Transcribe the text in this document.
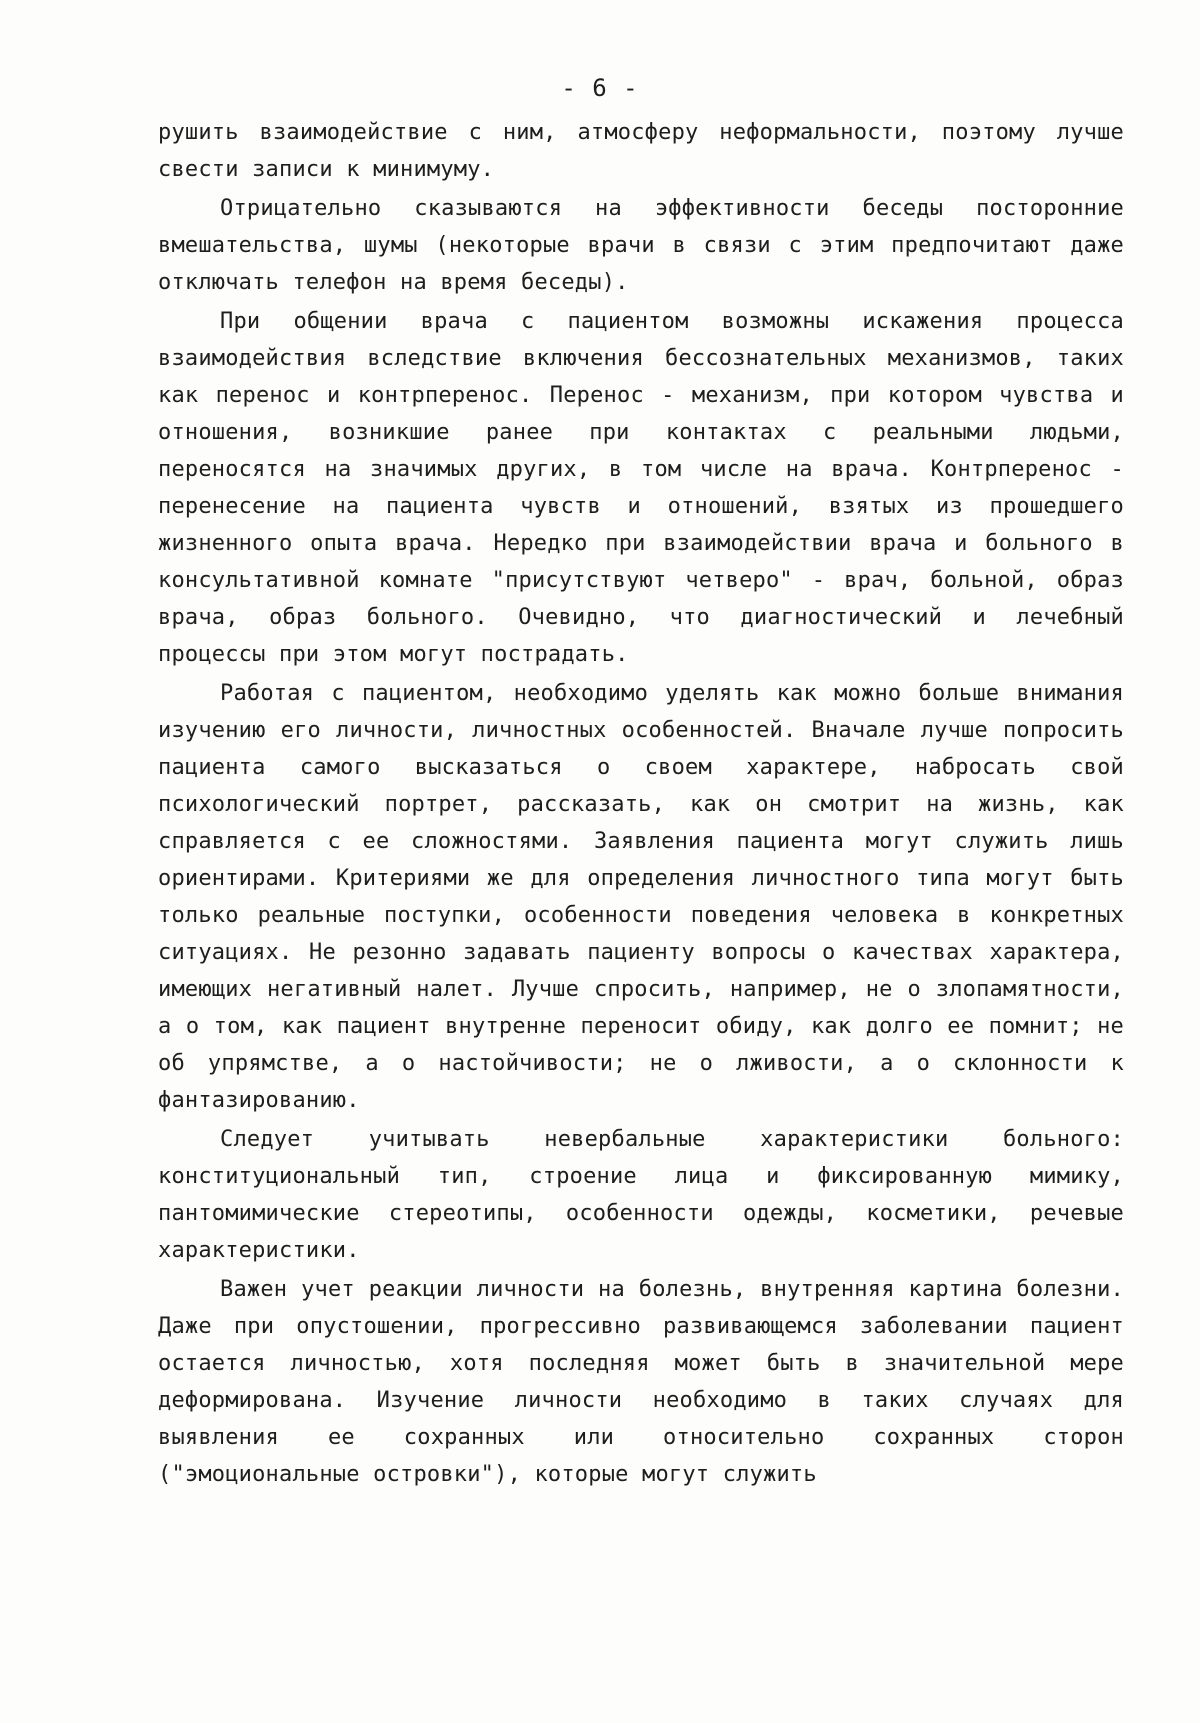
- 6 -

рушить взаимодействие с ним, атмосферу неформальности, поэтому лучше свести записи к минимуму.

Отрицательно сказываются на эффективности беседы посторонние вмешательства, шумы (некоторые врачи в связи с этим предпочитают даже отключать телефон на время беседы).

При общении врача с пациентом возможны искажения процесса взаимодействия вследствие включения бессознательных механизмов, таких как перенос и контрперенос. Перенос - механизм, при котором чувства и отношения, возникшие ранее при контактах с реальными людьми, переносятся на значимых других, в том числе на врача. Контрперенос - перенесение на пациента чувств и отношений, взятых из прошедшего жизненного опыта врача. Нередко при взаимодействии врача и больного в консультативной комнате "присутствуют четверо" - врач, больной, образ врача, образ больного. Очевидно, что диагностический и лечебный процессы при этом могут пострадать.

Работая с пациентом, необходимо уделять как можно больше внимания изучению его личности, личностных особенностей. Вначале лучше попросить пациента самого высказаться о своем характере, набросать свой психологический портрет, рассказать, как он смотрит на жизнь, как справляется с ее сложностями. Заявления пациента могут служить лишь ориентирами. Критериями же для определения личностного типа могут быть только реальные поступки, особенности поведения человека в конкретных ситуациях. Не резонно задавать пациенту вопросы о качествах характера, имеющих негативный налет. Лучше спросить, например, не о злопамятности, а о том, как пациент внутренне переносит обиду, как долго ее помнит; не об упрямстве, а о настойчивости; не о лживости, а о склонности к фантазированию.

Следует учитывать невербальные характеристики больного: конституциональный тип, строение лица и фиксированную мимику, пантомимические стереотипы, особенности одежды, косметики, речевые характеристики.

Важен учет реакции личности на болезнь, внутренняя картина болезни. Даже при опустошении, прогрессивно развивающемся заболевании пациент остается личностью, хотя последняя может быть в значительной мере деформирована. Изучение личности необходимо в таких случаях для выявления ее сохранных или относительно сохранных сторон ("эмоциональные островки"), которые могут служить
